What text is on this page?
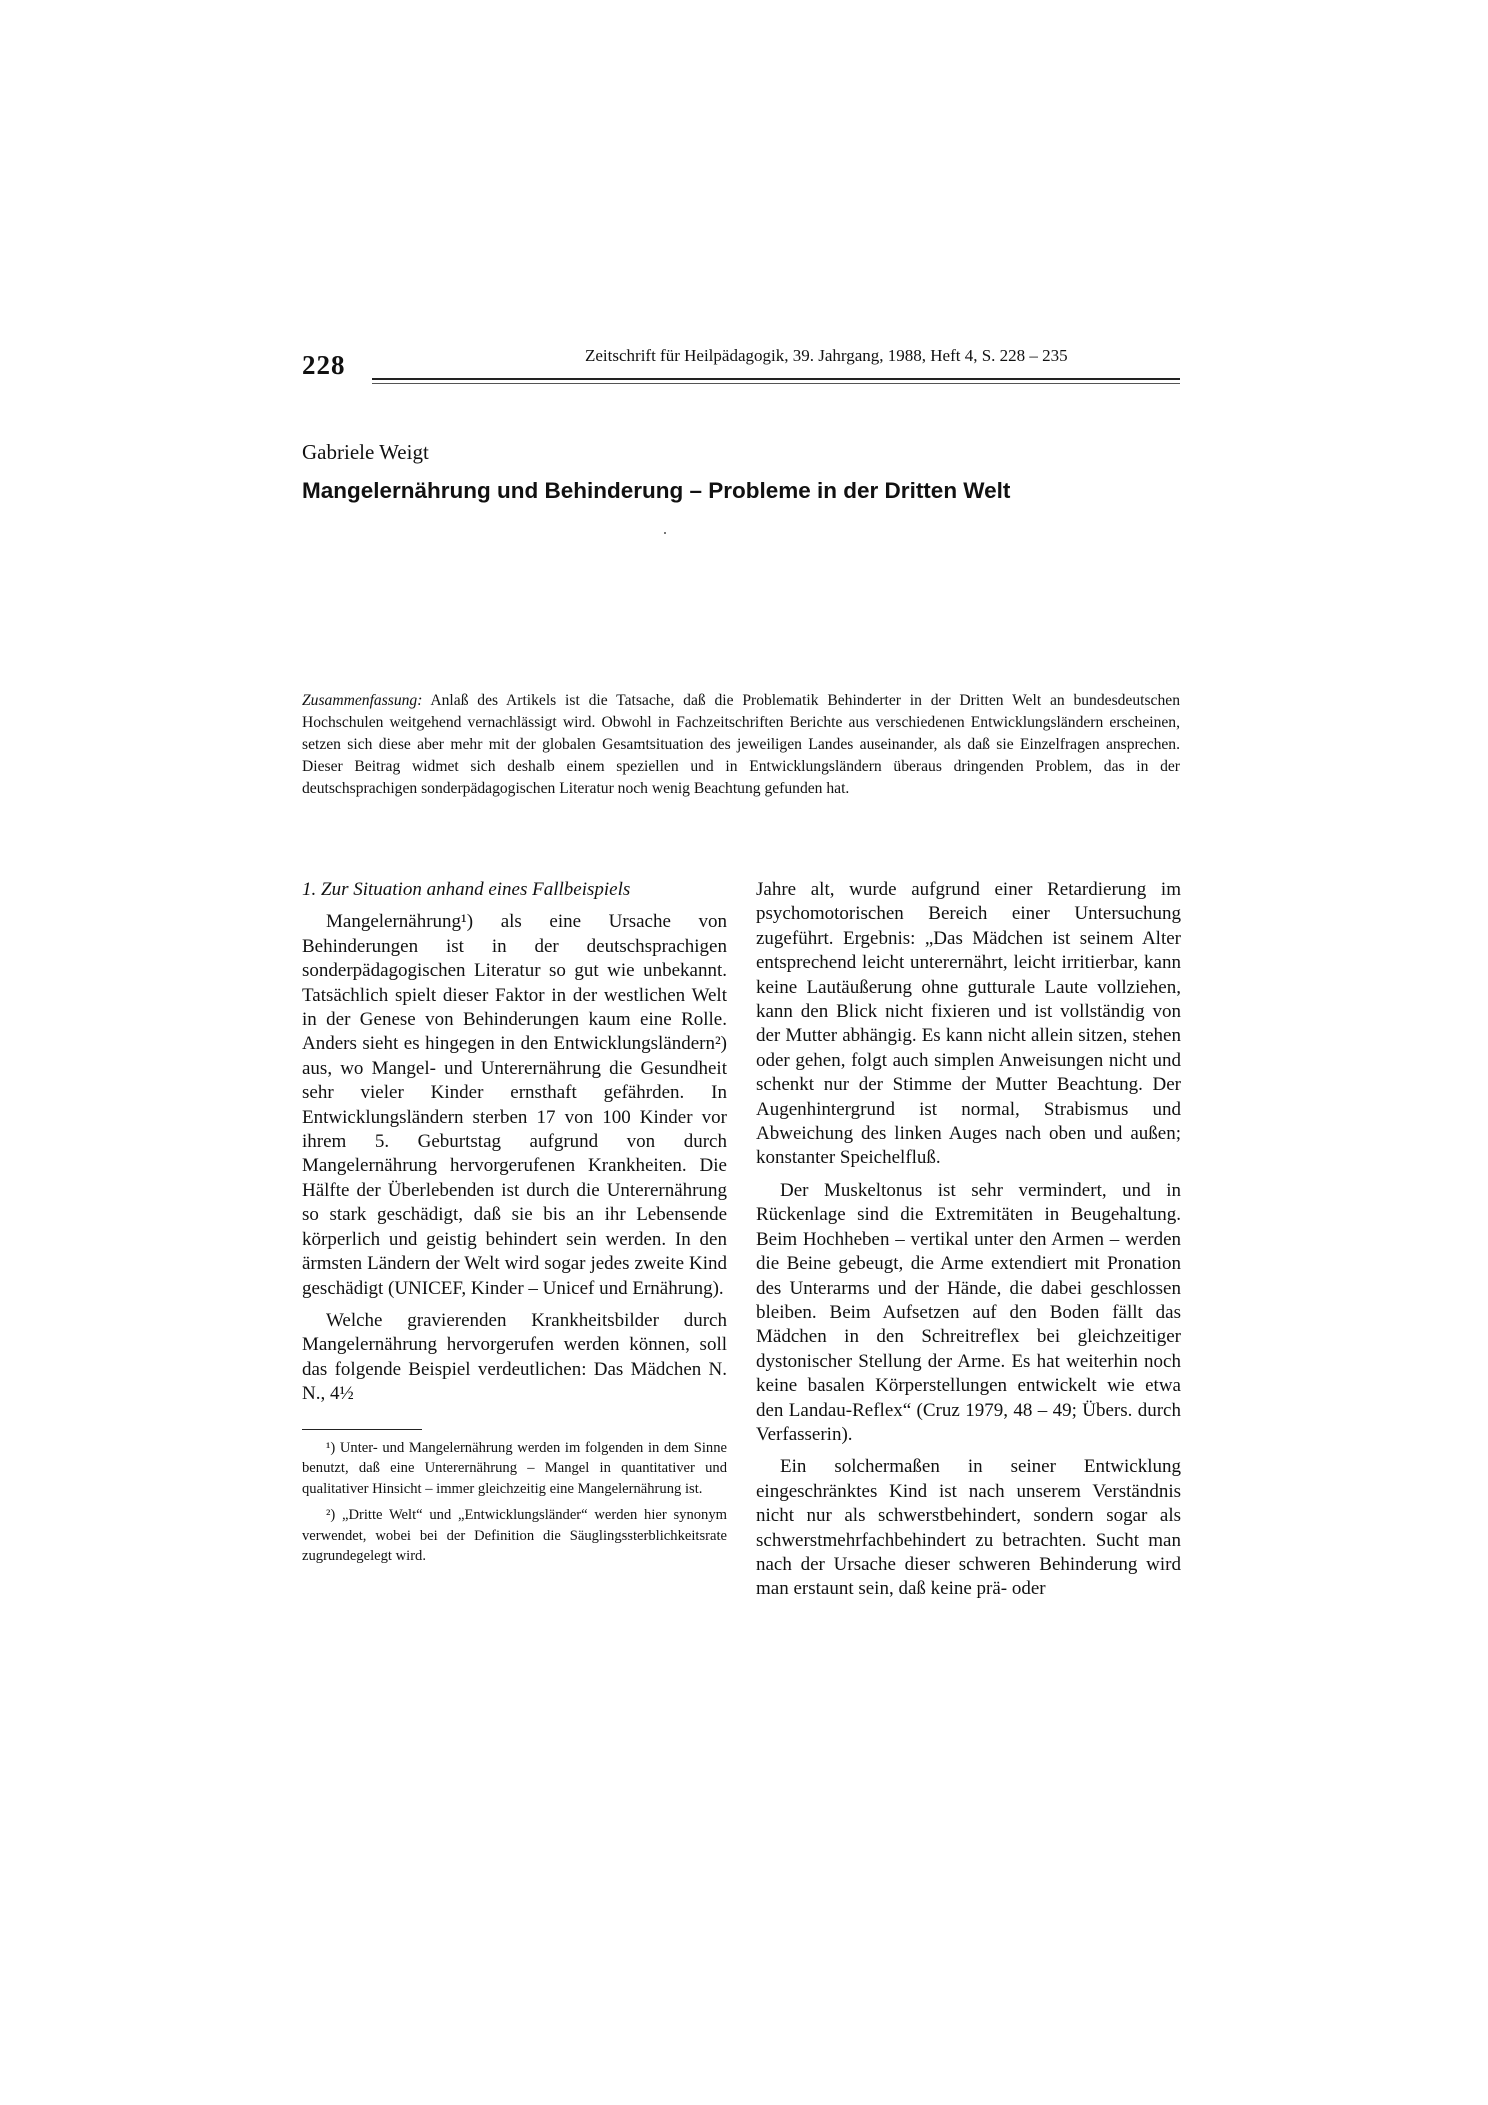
228	Zeitschrift für Heilpädagogik, 39. Jahrgang, 1988, Heft 4, S. 228 – 235
Gabriele Weigt
Mangelernährung und Behinderung – Probleme in der Dritten Welt
Zusammenfassung: Anlaß des Artikels ist die Tatsache, daß die Problematik Behinderter in der Dritten Welt an bundesdeutschen Hochschulen weitgehend vernachlässigt wird. Obwohl in Fachzeitschriften Berichte aus verschiedenen Entwicklungsländern erscheinen, setzen sich diese aber mehr mit der globalen Gesamtsituation des jeweiligen Landes auseinander, als daß sie Einzelfragen ansprechen. Dieser Beitrag widmet sich deshalb einem speziellen und in Entwicklungsländern überaus dringenden Problem, das in der deutschsprachigen sonderpädagogischen Literatur noch wenig Beachtung gefunden hat.
1. Zur Situation anhand eines Fallbeispiels

Mangelernährung¹) als eine Ursache von Behinderungen ist in der deutschsprachigen sonderpädagogischen Literatur so gut wie unbekannt. Tatsächlich spielt dieser Faktor in der westlichen Welt in der Genese von Behinderungen kaum eine Rolle. Anders sieht es hingegen in den Entwicklungsländern²) aus, wo Mangel- und Unterernährung die Gesundheit sehr vieler Kinder ernsthaft gefährden. In Entwicklungsländern sterben 17 von 100 Kinder vor ihrem 5. Geburtstag aufgrund von durch Mangelernährung hervorgerufenen Krankheiten. Die Hälfte der Überlebenden ist durch die Unterernährung so stark geschädigt, daß sie bis an ihr Lebensende körperlich und geistig behindert sein werden. In den ärmsten Ländern der Welt wird sogar jedes zweite Kind geschädigt (UNICEF, Kinder – Unicef und Ernährung).

Welche gravierenden Krankheitsbilder durch Mangelernährung hervorgerufen werden können, soll das folgende Beispiel verdeutlichen: Das Mädchen N. N., 4½

¹) Unter- und Mangelernährung werden im folgenden in dem Sinne benutzt, daß eine Unterernährung – Mangel in quantitativer und qualitativer Hinsicht – immer gleichzeitig eine Mangelernährung ist.

²) „Dritte Welt“ und „Entwicklungsländer“ werden hier synonym verwendet, wobei bei der Definition die Säuglingssterblichkeitsrate zugrundegelegt wird.

Jahre alt, wurde aufgrund einer Retardierung im psychomotorischen Bereich einer Untersuchung zugeführt. Ergebnis: „Das Mädchen ist seinem Alter entsprechend leicht unterernährt, leicht irritierbar, kann keine Lautäußerung ohne gutturale Laute vollziehen, kann den Blick nicht fixieren und ist vollständig von der Mutter abhängig. Es kann nicht allein sitzen, stehen oder gehen, folgt auch simplen Anweisungen nicht und schenkt nur der Stimme der Mutter Beachtung. Der Augenhintergrund ist normal, Strabismus und Abweichung des linken Auges nach oben und außen; konstanter Speichelfluß.

Der Muskeltonus ist sehr vermindert, und in Rückenlage sind die Extremitäten in Beugehaltung. Beim Hochheben – vertikal unter den Armen – werden die Beine gebeugt, die Arme extendiert mit Pronation des Unterarms und der Hände, die dabei geschlossen bleiben. Beim Aufsetzen auf den Boden fällt das Mädchen in den Schreitreflex bei gleichzeitiger dystonischer Stellung der Arme. Es hat weiterhin noch keine basalen Körperstellungen entwickelt wie etwa den Landau-Reflex“ (Cruz 1979, 48 – 49; Übers. durch Verfasserin).

Ein solchermaßen in seiner Entwicklung eingeschränktes Kind ist nach unserem Verständnis nicht nur als schwerstbehindert, sondern sogar als schwerstmehrfachbehindert zu betrachten. Sucht man nach der Ursache dieser schweren Behinderung wird man erstaunt sein, daß keine prä- oder
